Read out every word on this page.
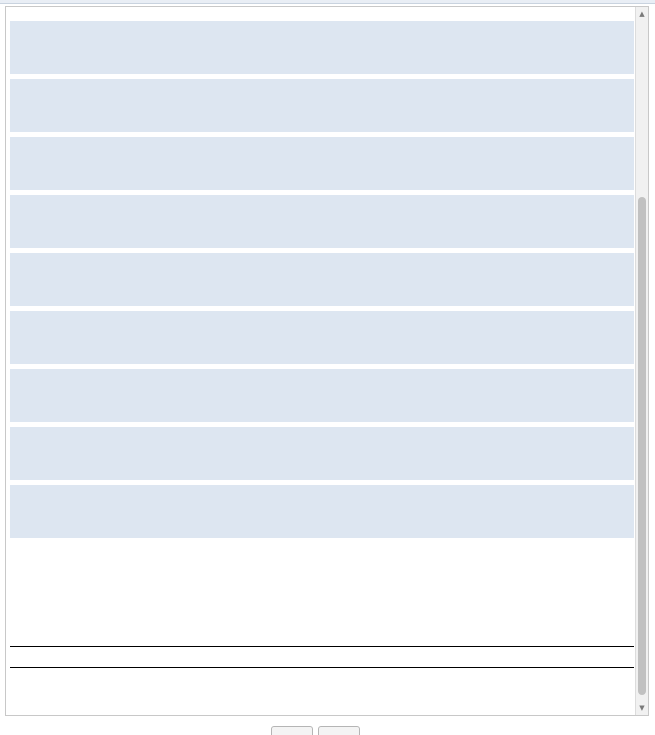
▲
▼
